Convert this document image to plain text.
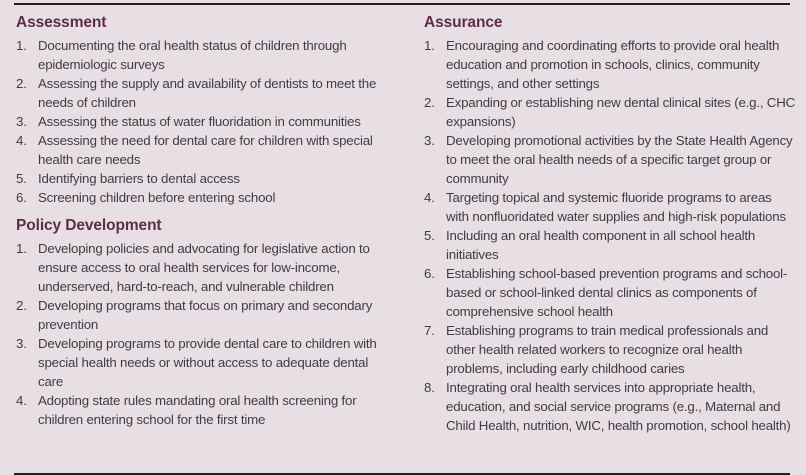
Assessment
1. Documenting the oral health status of children through epidemiologic surveys
2. Assessing the supply and availability of dentists to meet the needs of children
3. Assessing the status of water fluoridation in communities
4. Assessing the need for dental care for children with special health care needs
5. Identifying barriers to dental access
6. Screening children before entering school
Policy Development
1. Developing policies and advocating for legislative action to ensure access to oral health services for low-income, underserved, hard-to-reach, and vulnerable children
2. Developing programs that focus on primary and secondary prevention
3. Developing programs to provide dental care to children with special health needs or without access to adequate dental care
4. Adopting state rules mandating oral health screening for children entering school for the first time
Assurance
1. Encouraging and coordinating efforts to provide oral health education and promotion in schools, clinics, community settings, and other settings
2. Expanding or establishing new dental clinical sites (e.g., CHC expansions)
3. Developing promotional activities by the State Health Agency to meet the oral health needs of a specific target group or community
4. Targeting topical and systemic fluoride programs to areas with nonfluoridated water supplies and high-risk populations
5. Including an oral health component in all school health initiatives
6. Establishing school-based prevention programs and school-based or school-linked dental clinics as components of comprehensive school health
7. Establishing programs to train medical professionals and other health related workers to recognize oral health problems, including early childhood caries
8. Integrating oral health services into appropriate health, education, and social service programs (e.g., Maternal and Child Health, nutrition, WIC, health promotion, school health)
